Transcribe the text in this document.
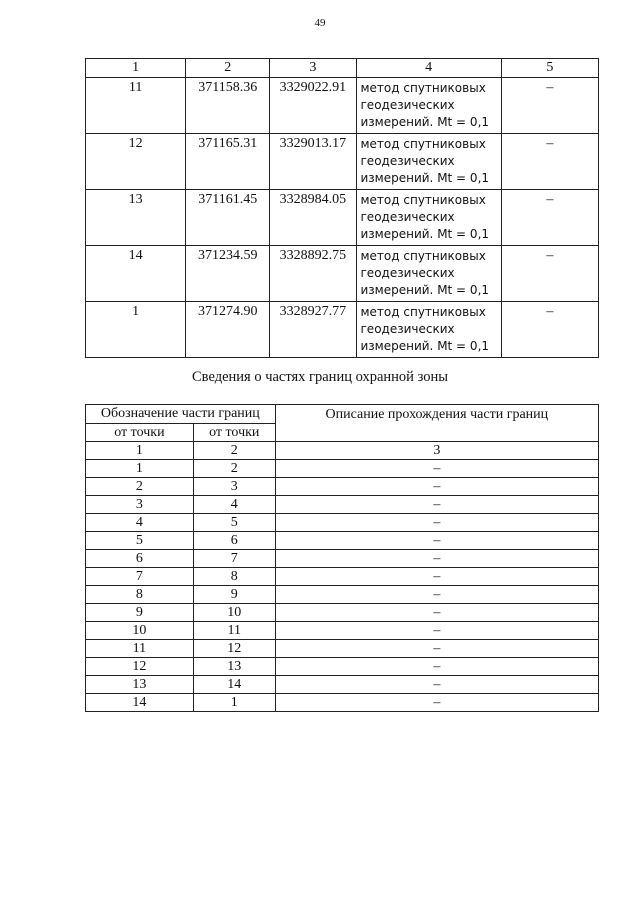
49
1	2	3	4	5
11	371158.36	3329022.91	метод спутниковых
геодезических
измерений. Mt = 0,1	–
12	371165.31	3329013.17	метод спутниковых
геодезических
измерений. Mt = 0,1	–
13	371161.45	3328984.05	метод спутниковых
геодезических
измерений. Mt = 0,1	–
14	371234.59	3328892.75	метод спутниковых
геодезических
измерений. Mt = 0,1	–
1	371274.90	3328927.77	метод спутниковых
геодезических
измерений. Mt = 0,1	–
Сведения о частях границ охранной зоны
Обозначение части границ		Описание прохождения части границ
от точки	от точки	
1	2	3
1	2	–
2	3	–
3	4	–
4	5	–
5	6	–
6	7	–
7	8	–
8	9	–
9	10	–
10	11	–
11	12	–
12	13	–
13	14	–
14	1	–
